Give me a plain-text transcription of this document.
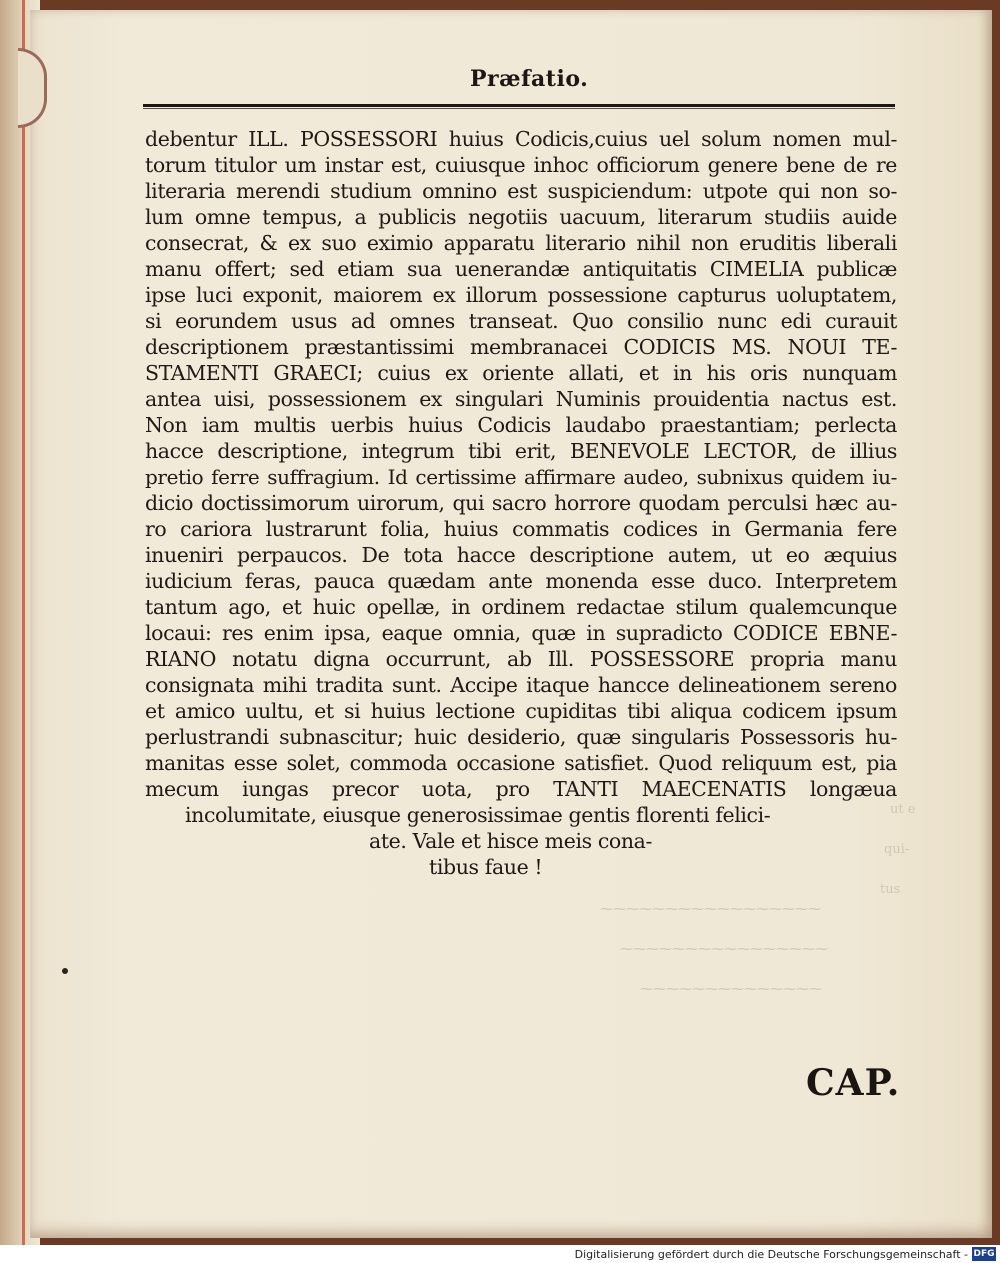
ut e
qui-
tus
⁓⁓⁓⁓⁓⁓⁓⁓⁓⁓⁓⁓⁓⁓⁓⁓⁓
⁓⁓⁓⁓⁓⁓⁓⁓⁓⁓⁓⁓⁓⁓⁓⁓
⁓⁓⁓⁓⁓⁓⁓⁓⁓⁓⁓⁓⁓⁓
Præfatio.
debentur ILL. POSSESSORI huius Codicis,cuius uel solum nomen mul-
torum titulor um instar est, cuiusque inhoc officiorum genere bene de re
literaria merendi studium omnino est suspiciendum: utpote qui non so-
lum omne tempus, a publicis negotiis uacuum, literarum studiis auide
consecrat, & ex suo eximio apparatu literario nihil non eruditis liberali
manu offert; sed etiam sua uenerandæ antiquitatis CIMELIA publicæ
ipse luci exponit, maiorem ex illorum possessione capturus uoluptatem,
si eorundem usus ad omnes transeat. Quo consilio nunc edi curauit
descriptionem præstantissimi membranacei CODICIS MS. NOUI TE-
STAMENTI GRAECI; cuius ex oriente allati, et in his oris nunquam
antea uisi, possessionem ex singulari Numinis prouidentia nactus est.
Non iam multis uerbis huius Codicis laudabo praestantiam; perlecta
hacce descriptione, integrum tibi erit, BENEVOLE LECTOR, de illius
pretio ferre suffragium. Id certissime affirmare audeo, subnixus quidem iu-
dicio doctissimorum uirorum, qui sacro horrore quodam perculsi hæc au-
ro cariora lustrarunt folia, huius commatis codices in Germania fere
inueniri perpaucos. De tota hacce descriptione autem, ut eo æquius
iudicium feras, pauca quædam ante monenda esse duco. Interpretem
tantum ago, et huic opellæ, in ordinem redactae stilum qualemcunque
locaui: res enim ipsa, eaque omnia, quæ in supradicto CODICE EBNE-
RIANO notatu digna occurrunt, ab Ill. POSSESSORE propria manu
consignata mihi tradita sunt. Accipe itaque hancce delineationem sereno
et amico uultu, et si huius lectione cupiditas tibi aliqua codicem ipsum
perlustrandi subnascitur; huic desiderio, quæ singularis Possessoris hu-
manitas esse solet, commoda occasione satisfiet. Quod reliquum est, pia
mecum iungas precor uota, pro TANTI MAECENATIS longæua
incolumitate, eiusque generosissimae gentis florenti felici-
ate. Vale et hisce meis cona-
tibus faue !
CAP.
Digitalisierung gefördert durch die Deutsche Forschungsgemeinschaft - DFG
